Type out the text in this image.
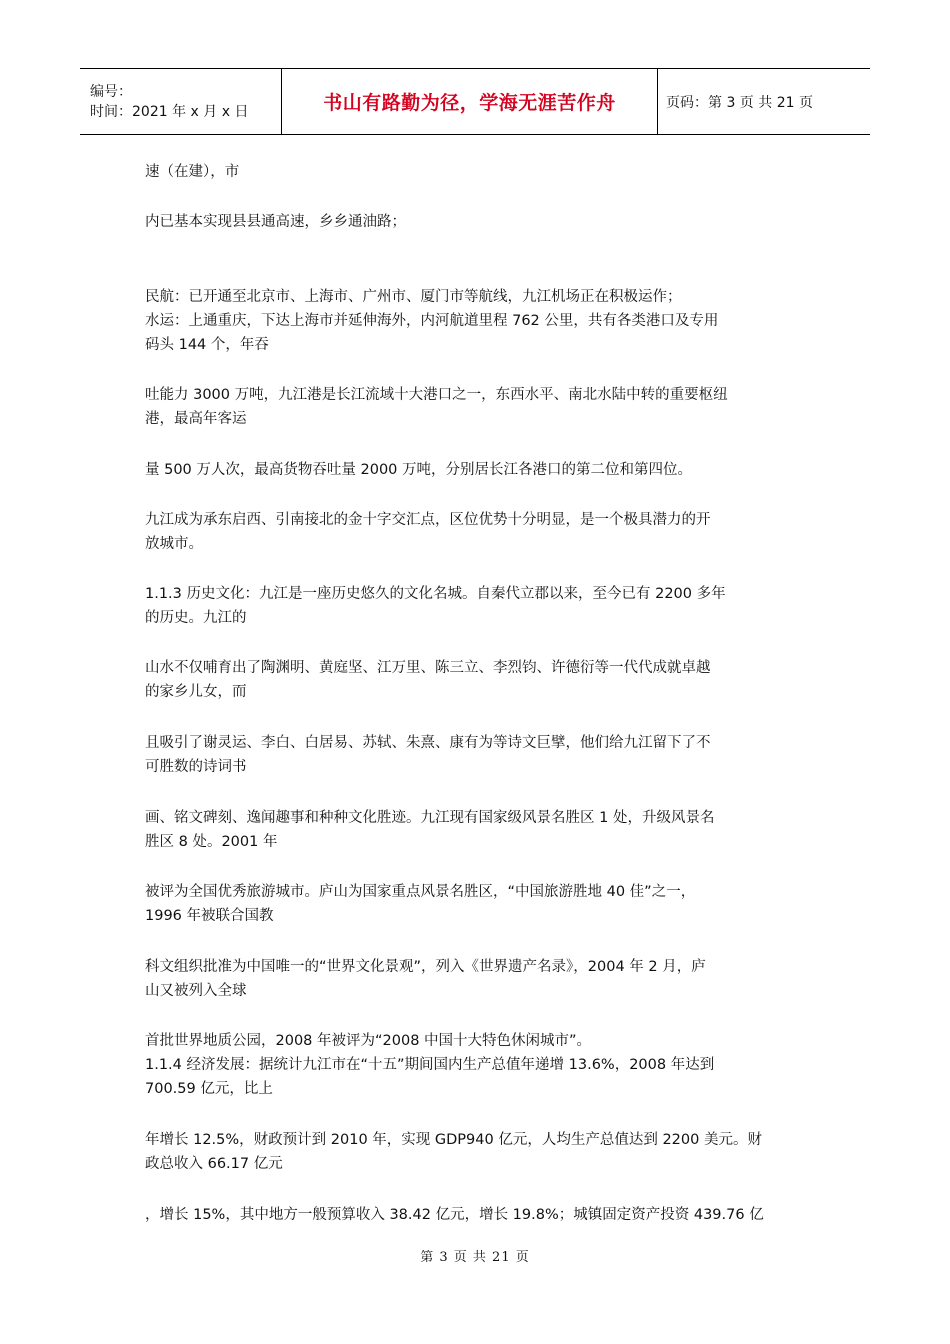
编号：
时间：2021 年 x 月 x 日	书山有路勤为径，学海无涯苦作舟	页码：第 3 页 共 21 页
速（在建），市
内已基本实现县县通高速，乡乡通油路；
民航：已开通至北京市、上海市、广州市、厦门市等航线，九江机场正在积极运作；
水运：上通重庆，下达上海市并延伸海外，内河航道里程 762 公里，共有各类港口及专用
码头 144 个，年吞
吐能力 3000 万吨，九江港是长江流域十大港口之一，东西水平、南北水陆中转的重要枢纽
港，最高年客运
量 500 万人次，最高货物吞吐量 2000 万吨，分别居长江各港口的第二位和第四位。
九江成为承东启西、引南接北的金十字交汇点，区位优势十分明显，是一个极具潜力的开
放城市。
1.1.3 历史文化：九江是一座历史悠久的文化名城。自秦代立郡以来，至今已有 2200 多年
的历史。九江的
山水不仅哺育出了陶渊明、黄庭坚、江万里、陈三立、李烈钧、许德衍等一代代成就卓越
的家乡儿女，而
且吸引了谢灵运、李白、白居易、苏轼、朱熹、康有为等诗文巨擘，他们给九江留下了不
可胜数的诗词书
画、铭文碑刻、逸闻趣事和种种文化胜迹。九江现有国家级风景名胜区 1 处，升级风景名
胜区 8 处。2001 年
被评为全国优秀旅游城市。庐山为国家重点风景名胜区，“中国旅游胜地 40 佳”之一，
1996 年被联合国教
科文组织批准为中国唯一的“世界文化景观”，列入《世界遗产名录》，2004 年 2 月，庐
山又被列入全球
首批世界地质公园，2008 年被评为“2008 中国十大特色休闲城市”。
1.1.4 经济发展：据统计九江市在“十五”期间国内生产总值年递增 13.6%，2008 年达到
700.59 亿元，比上
年增长 12.5%，财政预计到 2010 年，实现 GDP940 亿元，人均生产总值达到 2200 美元。财
政总收入 66.17 亿元
，增长 15%，其中地方一般预算收入 38.42 亿元，增长 19.8%；城镇固定资产投资 439.76 亿
第 3 页 共 21 页
